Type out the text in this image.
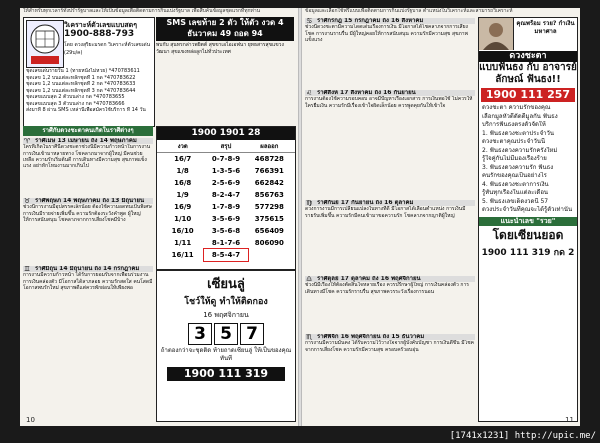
ให้สำหรับทุกเวลาร์ทั้งปร่ำรัฐบาลและให้เป็นข้อมูลเพื่อติดตามการกินแบ่งรัฐบาล เพื่อสืบค้นข้อมูลชุดแรกที่ทุกท่าน
วิเคราะห์ตัวเลขแบบสดๆ
1900-888-793
โดย ดวงสุริยะมรดก วิเคราะห์ตัวเลขเด่น (29บ/ค)
ชุดเลขเด่นรายวัน 1 (ทายหนังไม่หวย) *470783611
ชุดเลข 1,2 บนแต่ละหลักชุดที่ 1 กด *470783622
ชุดเลข 1,2 บนแต่ละหลักชุดที่ 2 กด *470783633
ชุดเลข 1,2 บนแต่ละหลักชุดที่ 3 กด *470783644
ชุดเลขแบบสุด 2 ตัวบนล่าง กด *470783655
ชุดเลขแบบสุด 3 ตัวบนล่าง กด *470783666
ส่งมาที่ 8 ผ่าน SMS เหล่านี้เพื่อสมัครใช้บริการ ที่ 14 วัน
SMS เลขท้าย 2 ตัว ให้ตัว งวด 4 ธันวาคม 49 ถอด 94
พบกับ สุนทรกล่าวพยิตต์ สุขขาเอไอเอฟนา ยุทธสารสุขแขวงวัฒนา สุขแขงหล่อลูกไม่ทั่วประเทศ
ราศีกับดวงชะตาคนเกิดในราศีต่างๆ
♈ ราศีเมษ 13 เมษายน ถึง 14 พฤษภาคม
ใครที่เกิดในราศีนี้ดวงชะตาช่วงนี้มีความก้าวหน้าในการงาน การเงินเข้ามาหลายทาง โชคลาภมาจากผู้ใหญ่ มีคนช่วยเหลือ ความรักเริ่มต้นดี การเดินทางมีความสุข สุขภาพแข็งแรง อย่าหักโหมงานมากเกินไป
♉ ราศีพฤษภ 14 พฤษภาคม ถึง 13 มิถุนายน
ช่วงนี้การงานมีอุปสรรคเล็กน้อย ต้องใช้ความอดทนเป็นพิเศษ การเงินมีรายจ่ายเพิ่มขึ้น ความรักต้องระวังคำพูด ผู้ใหญ่ให้การสนับสนุน โชคลาภจากการเสี่ยงโชคมีบ้าง
♊ ราศีมิถุน 14 มิถุนายน ถึง 14 กรกฎาคม
การงานมีความก้าวหน้า ได้รับการยอมรับจากเพื่อนร่วมงาน การเงินคล่องตัว มีโอกาสได้ลาภลอย ความรักสดใส คนโสดมีโอกาสพบรักใหม่ สุขภาพดีแต่ควรพักผ่อนให้เพียงพอ
1900 1901 28
งวด	สรุป	ผลออก
16/7	0-7-8-9	468728
1/8	1-3-5-6	766391
16/8	2-5-6-9	662842
1/9	8-2-4-7	856763
16/9	1-7-8-9	577298
1/10	3-5-6-9	375615
16/10	3-5-6-8	656409
1/11	8-1-7-6	806090
16/11	8-5-4-7
เซียนลู่
โชว์ให้ดู ทำให้ติดกอง
16 พฤศจิกายน
3 5 7
ถ้าตองกว่าจะชุดติด ท้ายถาดเซียนลู่ ให้เป็นของคุณทันที
1900 111 319
10
ข้อมูลและเลือกใช้ฟรีแบบเพื่อติดตามการกินแบ่งรัฐบาล ตำแหน่งในวิเคราะห์และสามารถวิเคราะห์
♋ ราศีกรกฎ 15 กรกฎาคม ถึง 16 สิงหาคม
ช่วงนี้ดวงชะตามีความโดดเด่นเรื่องการเงิน มีโอกาสได้โชคลาภจากการเสี่ยงโชค การงานราบรื่น มีผู้ใหญ่คอยให้การสนับสนุน ความรักมีความสุข สุขภาพแข็งแรง
♌ ราศีสิงห์ 17 สิงหาคม ถึง 16 กันยายน
การงานต้องใช้ความรอบคอบ อาจมีปัญหาเรื่องเอกสาร การเงินพอใช้ ไม่ควรให้ใครยืมเงิน ความรักมีเรื่องเข้าใจผิดเล็กน้อย ควรพูดคุยกันให้เข้าใจ
♍ ราศีกันย์ 17 กันยายน ถึง 16 ตุลาคม
ดวงการงานมีการเปลี่ยนแปลงในทางที่ดี มีโอกาสได้เลื่อนตำแหน่ง การเงินมีรายรับเพิ่มขึ้น ความรักมีคนเข้ามาขอความรัก โชคลาภจากญาติผู้ใหญ่
♎ ราศีตุลย์ 17 ตุลาคม ถึง 16 พฤศจิกายน
ช่วงนี้มีเรื่องให้ต้องตัดสินใจหลายเรื่อง ควรปรึกษาผู้ใหญ่ การเงินคล่องตัว การเดินทางมีโชค ความรักราบรื่น สุขภาพควรระวังเรื่องการนอน
♏ ราศีพิจิก 16 พฤศจิกายน ถึง 15 ธันวาคม
การงานมีความมั่นคง ได้รับความไว้วางใจจากผู้บังคับบัญชา การเงินดีขึ้น มีโชคจากการเสี่ยงโชค ความรักมีความสุข ครอบครัวอบอุ่น
คุณพร้อม รวย? กำเงินมหาศาล
ดวงชะตา
แบบฟันธง กับ อาจารย์ลักษณ์ ฟันธง!!
1900 111 257
ดวงชะตา ความรักของคุณ
เลือกมูลหัวดีดัดดีมูลกัน ฟันธง
บริการฟันธงตรงตัวจัดให้
1. ฟันธงดวงชะตาประจำวัน
ดวงชะตาคุณประจำวันนี้
2. ฟันธงดวงความรักครั้งใหม่
รู้ใจคู่กันไม่มีมองเรื่องร้าย
3. ฟันธงดวงความรัก ฟันธง
คนรักของคุณเป็นอย่างไร
4. ฟันธงดวงชะตาการเงิน
รู้ทันทุกเรื่องในแต่ละเดือน
5. ฟันธงเลขเด็ดงวดนี้ 57
ดวงประจำวันที่คุณจะได้รู้ตัวเท่านั้น
แนะนำเลข "รวย"
โดยเซียนยอด
1900 111 319 กด 2
11
[1741x1231] http://upic.me/
